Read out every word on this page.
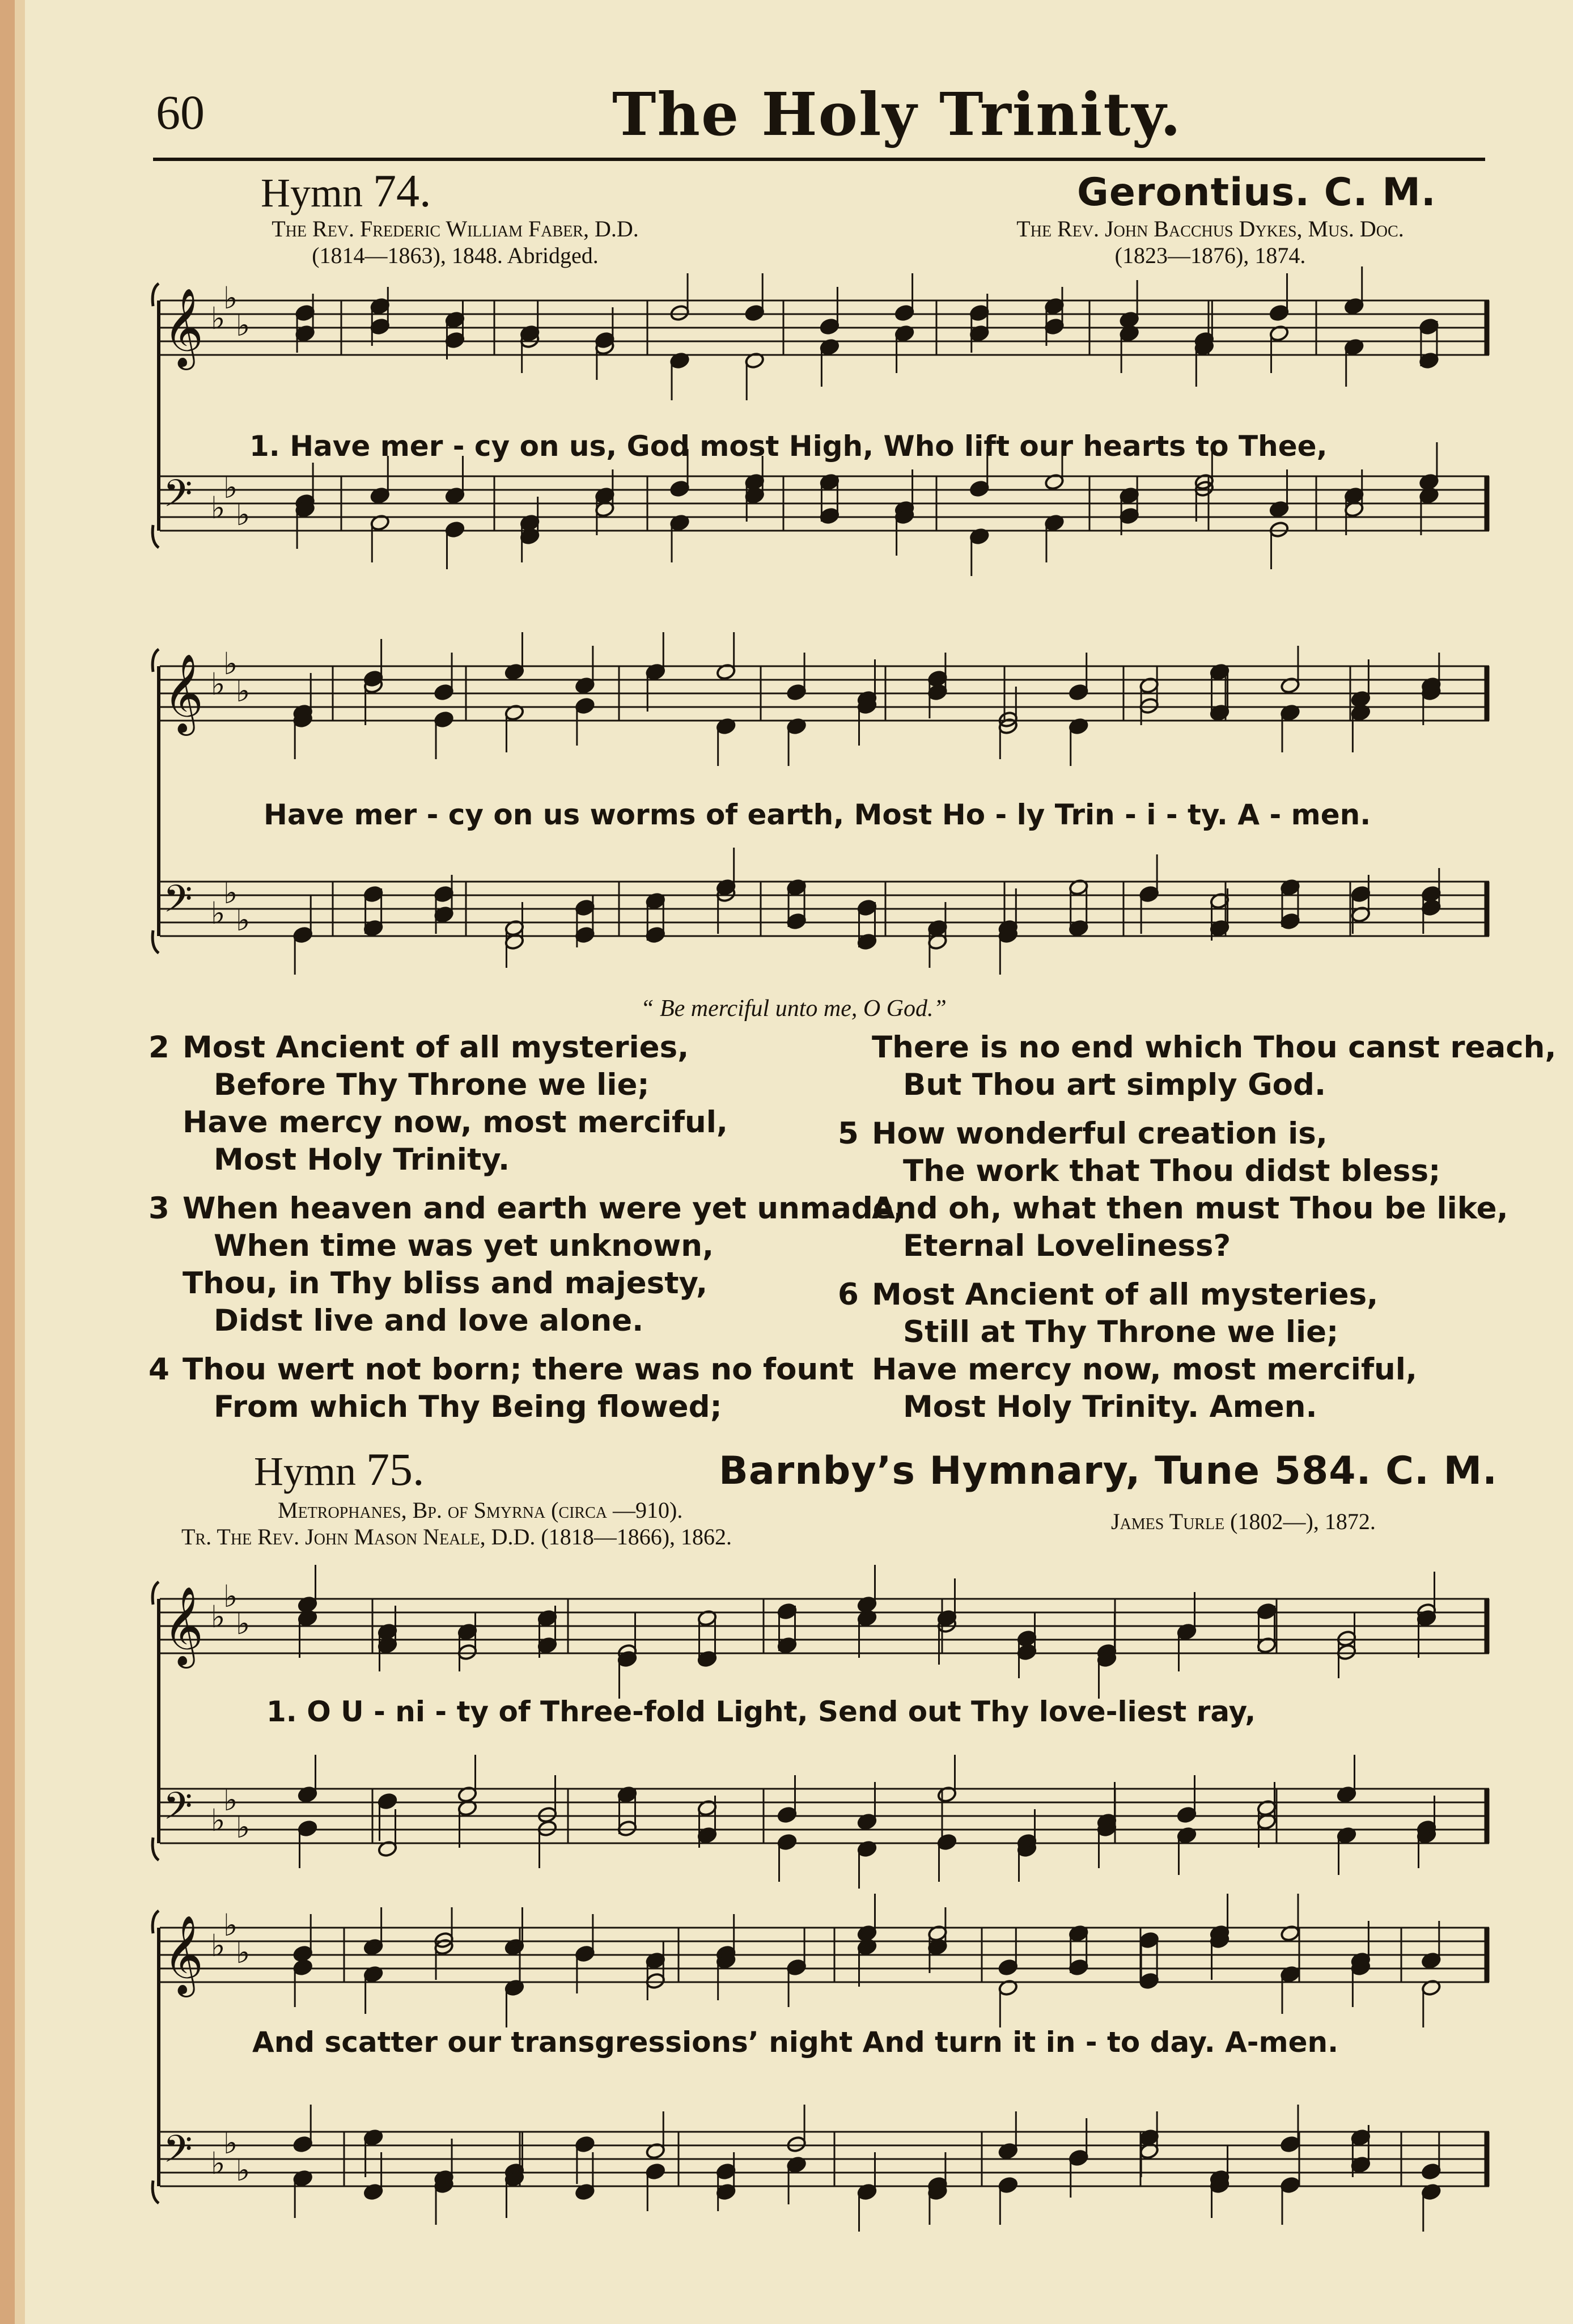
60	The Holy Trinity.
Hymn 74.	Gerontius. C. M.
The Rev. Frederic William Faber, D.D.
(1814—1863), 1848. Abridged.
The Rev. John Bacchus Dykes, Mus. Doc.
(1823—1876), 1874.
𝄞 ♭
♭
♭
𝄢 ♭
♭
♭
1. Have mer - cy on us, God most High, Who lift our hearts to Thee,
𝄞 ♭
♭
♭
𝄢 ♭
♭
♭
Have mer - cy on us worms of earth, Most Ho - ly Trin - i - ty. A - men.
“ Be merciful unto me, O God.”
2 Most Ancient of all mysteries,
Before Thy Throne we lie;
Have mercy now, most merciful,
Most Holy Trinity.
3 When heaven and earth were yet unmade,
When time was yet unknown,
Thou, in Thy bliss and majesty,
Didst live and love alone.
4 Thou wert not born; there was no fount
From which Thy Being flowed;
There is no end which Thou canst reach,
But Thou art simply God.
5 How wonderful creation is,
The work that Thou didst bless;
And oh, what then must Thou be like,
Eternal Loveliness?
6 Most Ancient of all mysteries,
Still at Thy Throne we lie;
Have mercy now, most merciful,
Most Holy Trinity. Amen.
Hymn 75.	Barnby’s Hymnary, Tune 584. C. M.
Metrophanes, Bp. of Smyrna (circa —910).
Tr. The Rev. John Mason Neale, D.D. (1818—1866), 1862.
James Turle (1802—), 1872.
𝄞 ♭
♭
♭
𝄢 ♭
♭
♭
1. O U - ni - ty of Three-fold Light, Send out Thy love-liest ray,
𝄞 ♭
♭
♭
𝄢 ♭
♭
♭
And scatter our transgressions’ night And turn it in - to day. A-men.
